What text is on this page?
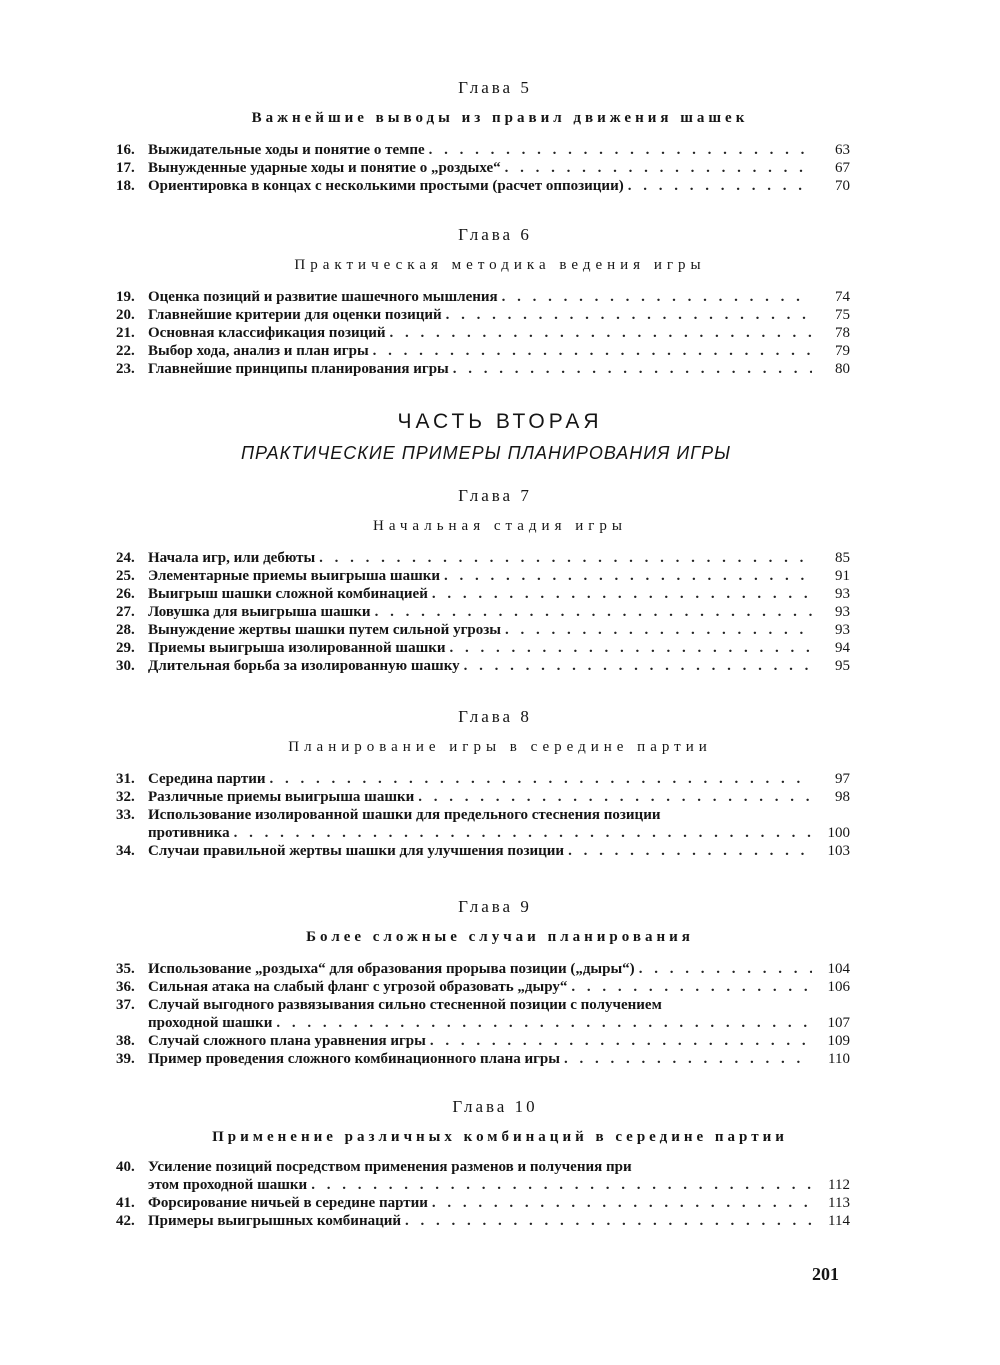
Глава 5
Важнейшие выводы из правил движения шашек
16. Выжидательные ходы и понятие о темпе . . .	63
17. Вынужденные ударные ходы и понятие о „роздыхе“ . . .	67
18. Ориентировка в концах с несколькими простыми (расчет оппозиции) . . .	70
Глава 6
Практическая методика ведения игры
19. Оценка позиций и развитие шашечного мышления . . .	74
20. Главнейшие критерии для оценки позиций . . .	75
21. Основная классификация позиций . . .	78
22. Выбор хода, анализ и план игры . . .	79
23. Главнейшие принципы планирования игры . . .	80
ЧАСТЬ ВТОРАЯ
ПРАКТИЧЕСКИЕ ПРИМЕРЫ ПЛАНИРОВАНИЯ ИГРЫ
Глава 7
Начальная стадия игры
24. Начала игр, или дебюты . . .	85
25. Элементарные приемы выигрыша шашки . . .	91
26. Выигрыш шашки сложной комбинацией . . .	93
27. Ловушка для выигрыша шашки . . .	93
28. Вынуждение жертвы шашки путем сильной угрозы . . .	93
29. Приемы выигрыша изолированной шашки . . .	94
30. Длительная борьба за изолированную шашку . . .	95
Глава 8
Планирование игры в середине партии
31. Середина партии . . .	97
32. Различные приемы выигрыша шашки . . .	98
33. Использование изолированной шашки для предельного стеснения позиции
противника . . .	100
34. Случаи правильной жертвы шашки для улучшения позиции . . .	103
Глава 9
Более сложные случаи планирования
35. Использование „роздыха“ для образования прорыва позиции („дыры“) . . .	104
36. Сильная атака на слабый фланг с угрозой образовать „дыру“ . . .	106
37. Случай выгодного развязывания сильно стесненной позиции с получением
проходной шашки . . .	107
38. Случай сложного плана уравнения игры . . .	109
39. Пример проведения сложного комбинационного плана игры . . .	110
Глава 10
Применение различных комбинаций в середине партии
40. Усиление позиций посредством применения разменов и получения при
этом проходной шашки . . .	112
41. Форсирование ничьей в середине партии . . .	113
42. Примеры выигрышных комбинаций . . .	114
201
